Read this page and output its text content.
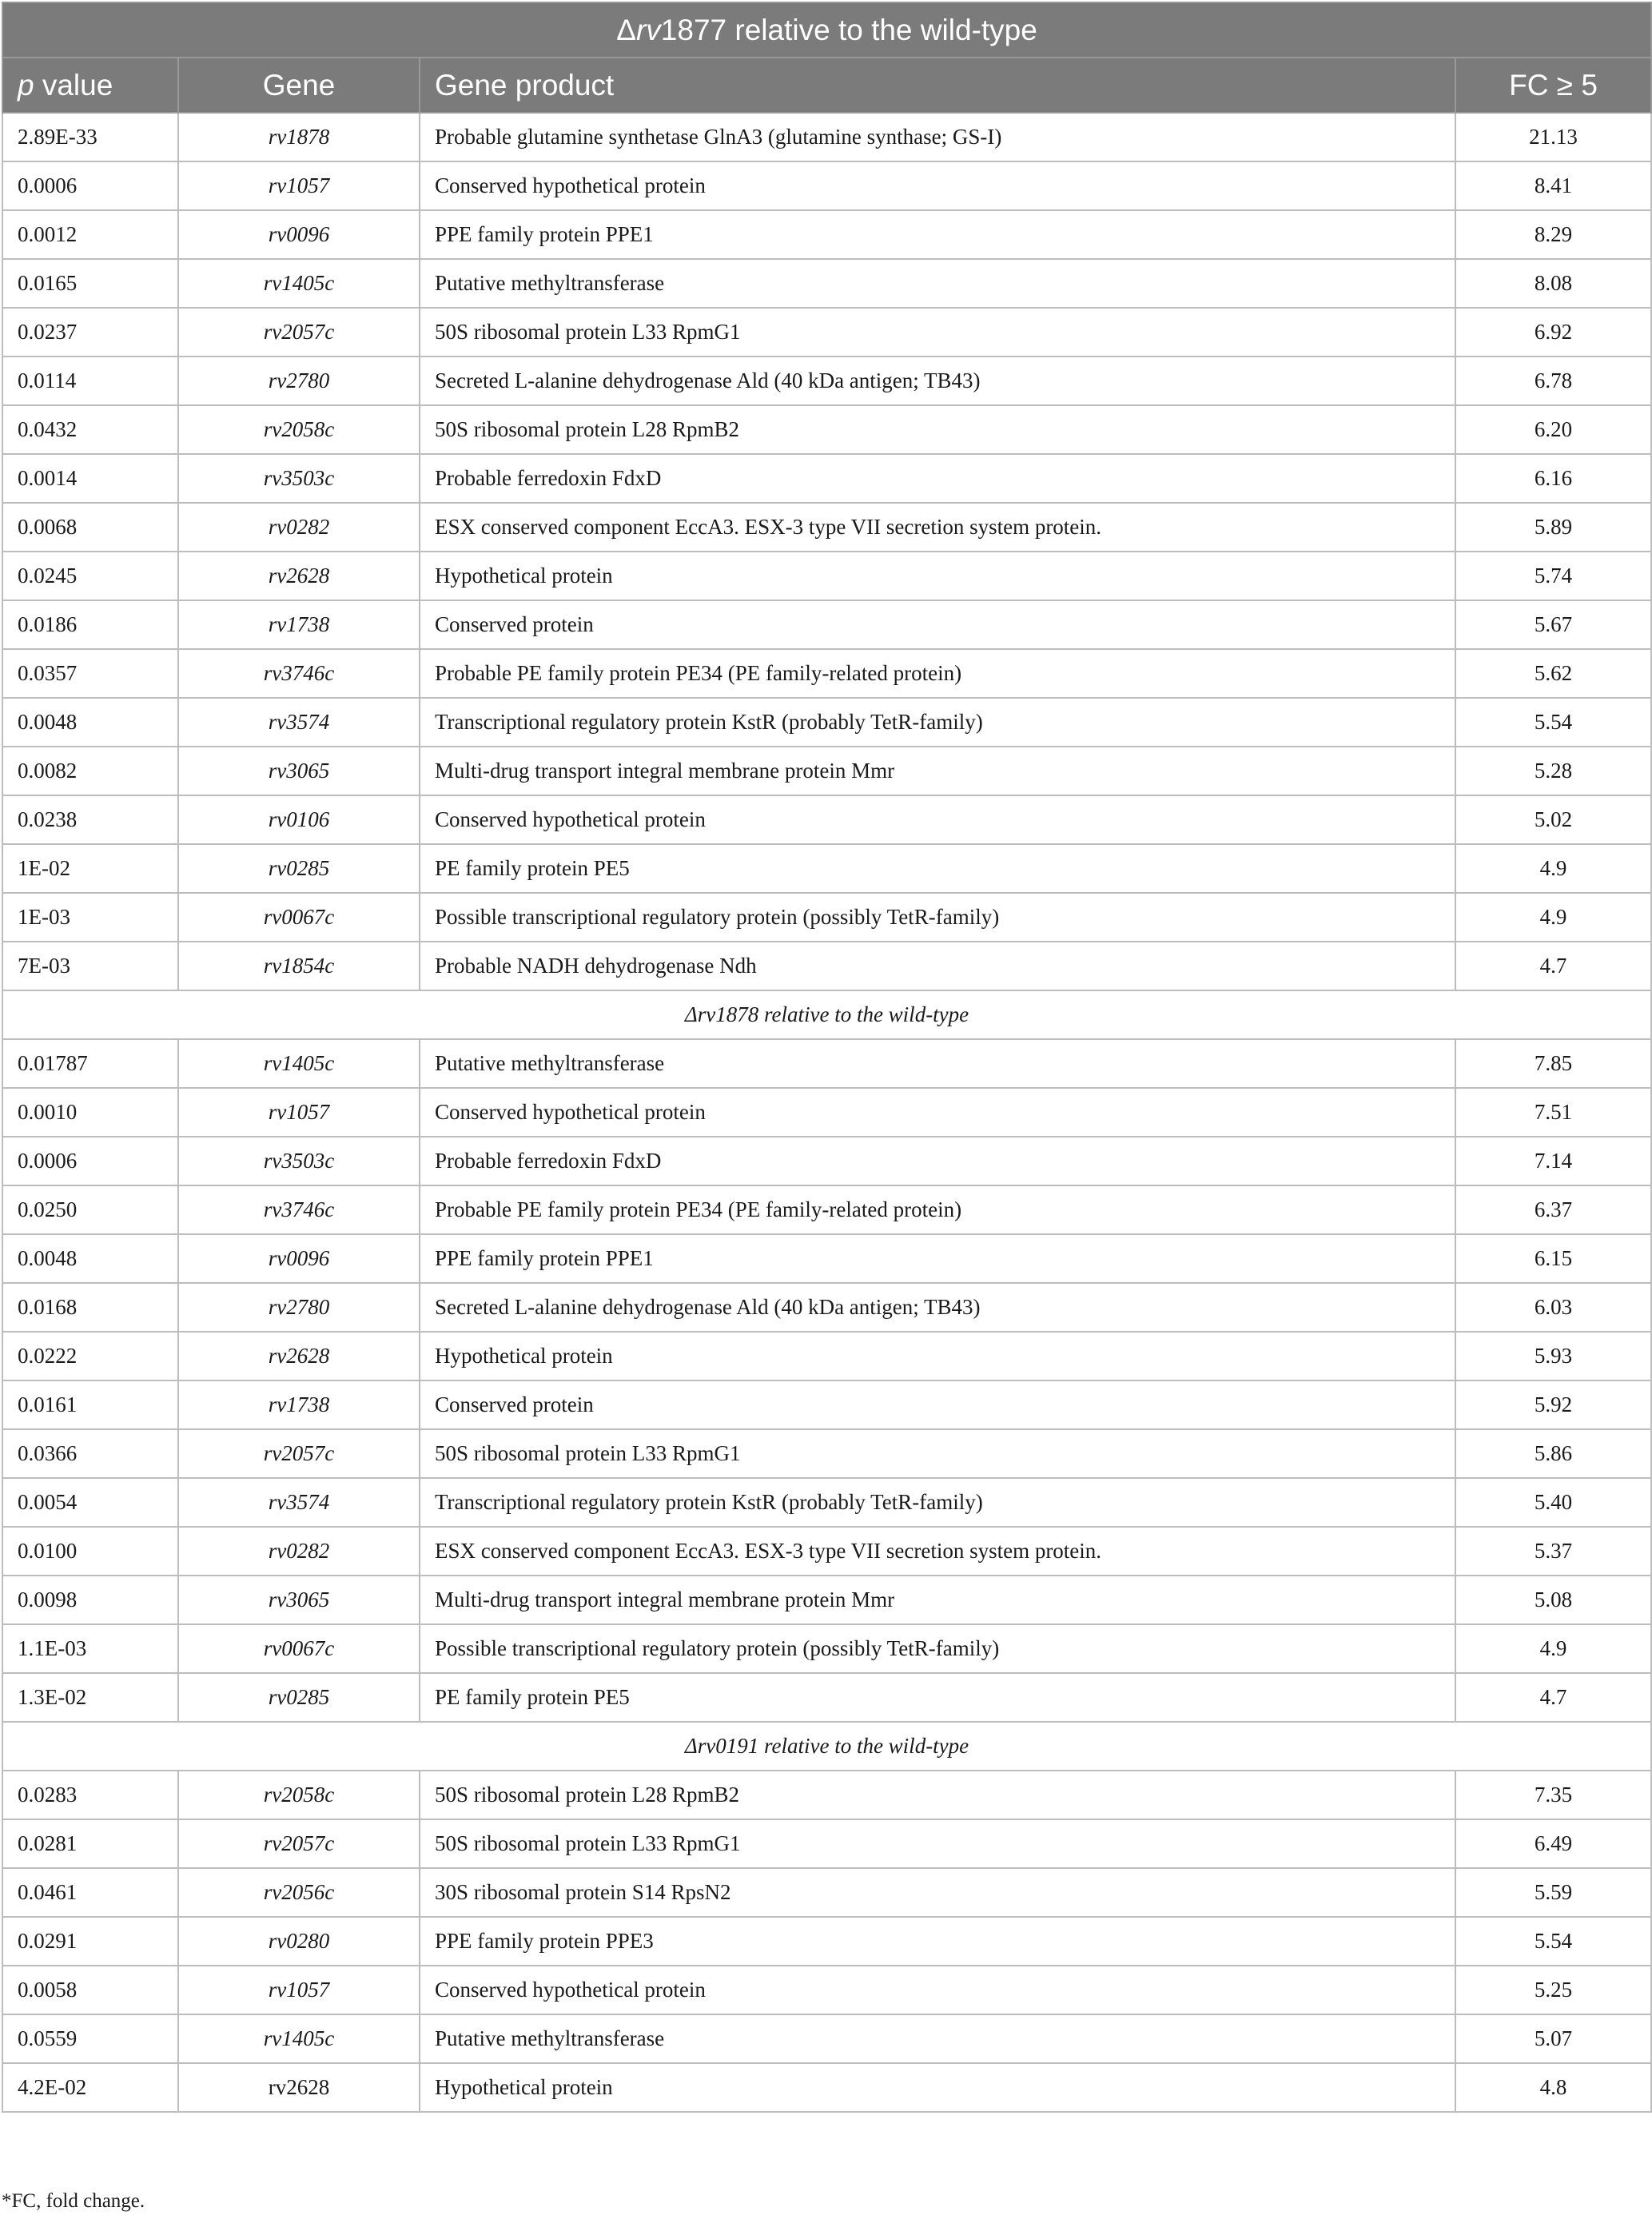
Δrv1877 relative to the wild-type			
p value	Gene	Gene product	FC ≥ 5
2.89E-33	rv1878	Probable glutamine synthetase GlnA3 (glutamine synthase; GS-I)	21.13
0.0006	rv1057	Conserved hypothetical protein	8.41
0.0012	rv0096	PPE family protein PPE1	8.29
0.0165	rv1405c	Putative methyltransferase	8.08
0.0237	rv2057c	50S ribosomal protein L33 RpmG1	6.92
0.0114	rv2780	Secreted L-alanine dehydrogenase Ald (40 kDa antigen; TB43)	6.78
0.0432	rv2058c	50S ribosomal protein L28 RpmB2	6.20
0.0014	rv3503c	Probable ferredoxin FdxD	6.16
0.0068	rv0282	ESX conserved component EccA3. ESX-3 type VII secretion system protein.	5.89
0.0245	rv2628	Hypothetical protein	5.74
0.0186	rv1738	Conserved protein	5.67
0.0357	rv3746c	Probable PE family protein PE34 (PE family-related protein)	5.62
0.0048	rv3574	Transcriptional regulatory protein KstR (probably TetR-family)	5.54
0.0082	rv3065	Multi-drug transport integral membrane protein Mmr	5.28
0.0238	rv0106	Conserved hypothetical protein	5.02
1E-02	rv0285	PE family protein PE5	4.9
1E-03	rv0067c	Possible transcriptional regulatory protein (possibly TetR-family)	4.9
7E-03	rv1854c	Probable NADH dehydrogenase Ndh	4.7
Δrv1878 relative to the wild-type			
0.01787	rv1405c	Putative methyltransferase	7.85
0.0010	rv1057	Conserved hypothetical protein	7.51
0.0006	rv3503c	Probable ferredoxin FdxD	7.14
0.0250	rv3746c	Probable PE family protein PE34 (PE family-related protein)	6.37
0.0048	rv0096	PPE family protein PPE1	6.15
0.0168	rv2780	Secreted L-alanine dehydrogenase Ald (40 kDa antigen; TB43)	6.03
0.0222	rv2628	Hypothetical protein	5.93
0.0161	rv1738	Conserved protein	5.92
0.0366	rv2057c	50S ribosomal protein L33 RpmG1	5.86
0.0054	rv3574	Transcriptional regulatory protein KstR (probably TetR-family)	5.40
0.0100	rv0282	ESX conserved component EccA3. ESX-3 type VII secretion system protein.	5.37
0.0098	rv3065	Multi-drug transport integral membrane protein Mmr	5.08
1.1E-03	rv0067c	Possible transcriptional regulatory protein (possibly TetR-family)	4.9
1.3E-02	rv0285	PE family protein PE5	4.7
Δrv0191 relative to the wild-type			
0.0283	rv2058c	50S ribosomal protein L28 RpmB2	7.35
0.0281	rv2057c	50S ribosomal protein L33 RpmG1	6.49
0.0461	rv2056c	30S ribosomal protein S14 RpsN2	5.59
0.0291	rv0280	PPE family protein PPE3	5.54
0.0058	rv1057	Conserved hypothetical protein	5.25
0.0559	rv1405c	Putative methyltransferase	5.07
4.2E-02	rv2628	Hypothetical protein	4.8
*FC, fold change.
